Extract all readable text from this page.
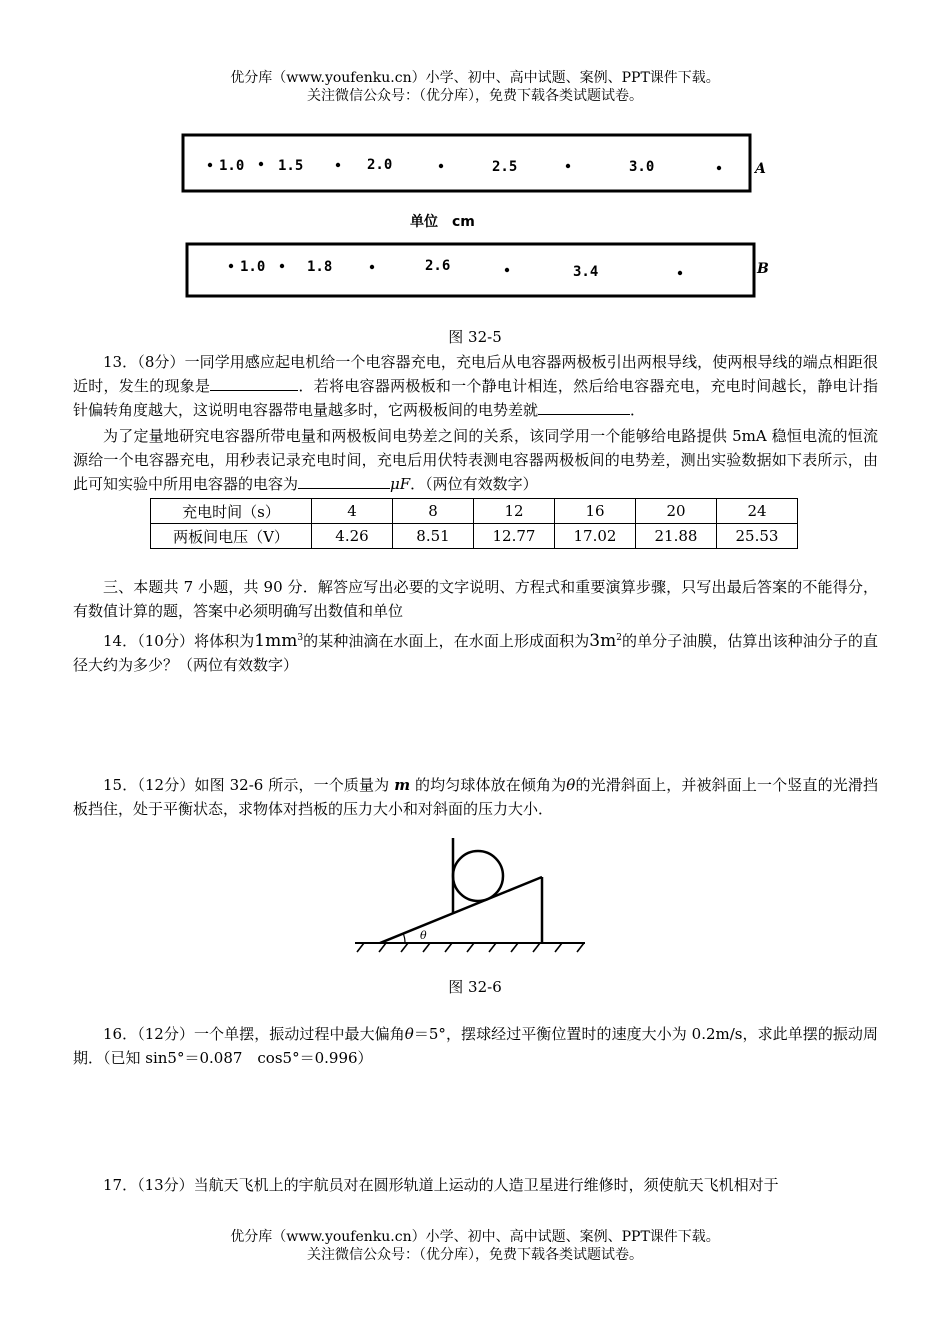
优分库（www.youfenku.cn）小学、初中、高中试题、案例、PPT课件下载。
关注微信公众号：（优分库），免费下载各类试题试卷。
1.0 1.5	2.0	2.5	3.0	A
单位　cm
1.0	1.8	2.6	3.4	B
图 32-5
13．（8分）一同学用感应起电机给一个电容器充电，充电后从电容器两极板引出两根导线，使两根导线的端点相距很近时，发生的现象是	．若将电容器两极板和一个静电计相连，然后给电容器充电，充电时间越长，静电计指针偏转角度越大，这说明电容器带电量越多时，它两极板间的电势差就	．
为了定量地研究电容器所带电量和两极板间电势差之间的关系，该同学用一个能够给电路提供 5mA 稳恒电流的恒流源给一个电容器充电，用秒表记录充电时间，充电后用伏特表测电容器两极板间的电势差，测出实验数据如下表所示，由此可知实验中所用电容器的电容为	μF．（两位有效数字）
充电时间（s）	4	8	12	16	20	24
两板间电压（V）	4.26	8.51	12.77	17.02	21.88	25.53
三、本题共 7 小题，共 90 分．解答应写出必要的文字说明、方程式和重要演算步骤，只写出最后答案的不能得分，有数值计算的题，答案中必须明确写出数值和单位
14．（10分）将体积为$1mm^3$的某种油滴在水面上，在水面上形成面积为$3m^2$的单分子油膜，估算出该种油分子的直径大约为多少？（两位有效数字）
15．（12分）如图 32-6 所示，一个质量为 m 的均匀球体放在倾角为θ的光滑斜面上，并被斜面上一个竖直的光滑挡板挡住，处于平衡状态，求物体对挡板的压力大小和对斜面的压力大小．
θ
图 32-6
16．（12分）一个单摆，振动过程中最大偏角θ＝5°，摆球经过平衡位置时的速度大小为 0.2m/s，求此单摆的振动周期．（已知 sin5°＝0.087　cos5°＝0.996）
17．（13分）当航天飞机上的宇航员对在圆形轨道上运动的人造卫星进行维修时，须使航天飞机相对于
优分库（www.youfenku.cn）小学、初中、高中试题、案例、PPT课件下载。
关注微信公众号：（优分库），免费下载各类试题试卷。
